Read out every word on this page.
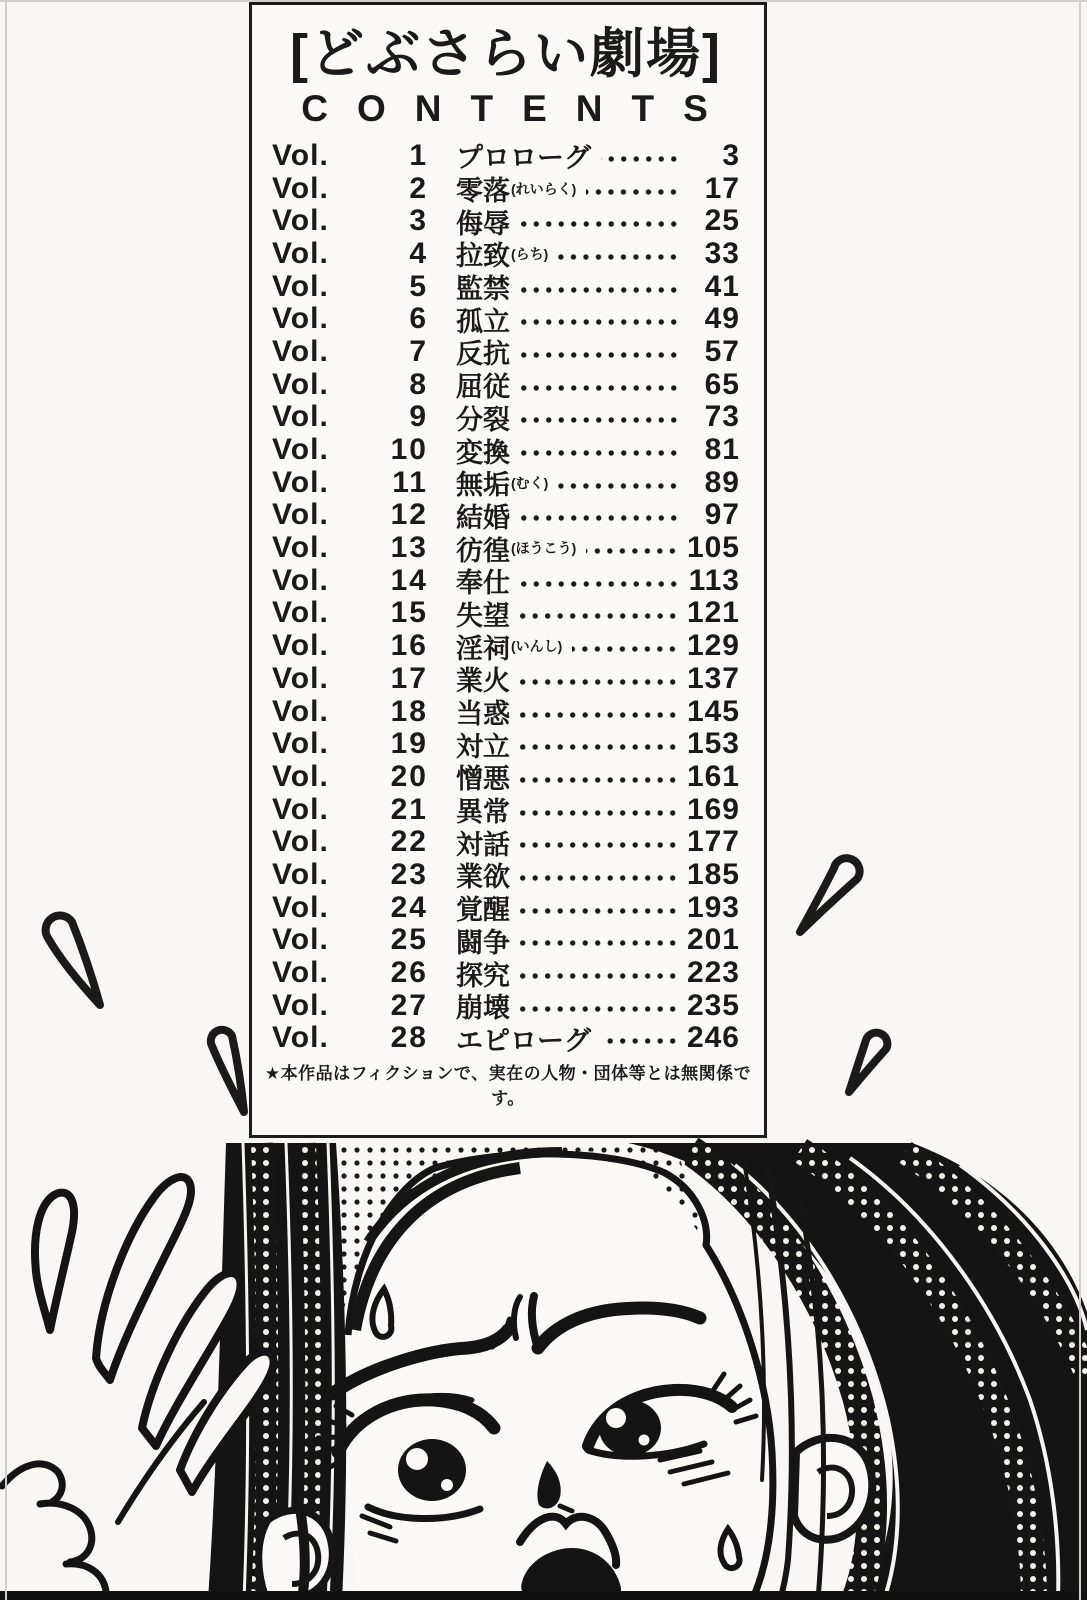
[どぶさらい劇場]
CONTENTS
Vol.	1	プロローグ	3
Vol.	2	零落 (れいらく)	17
Vol.	3	侮辱	25
Vol.	4	拉致 (らち)	33
Vol.	5	監禁	41
Vol.	6	孤立	49
Vol.	7	反抗	57
Vol.	8	屈従	65
Vol.	9	分裂	73
Vol.	10	変換	81
Vol.	11	無垢 (むく)	89
Vol.	12	結婚	97
Vol.	13	彷徨 (ほうこう)	105
Vol.	14	奉仕	113
Vol.	15	失望	121
Vol.	16	淫祠 (いんし)	129
Vol.	17	業火	137
Vol.	18	当惑	145
Vol.	19	対立	153
Vol.	20	憎悪	161
Vol.	21	異常	169
Vol.	22	対話	177
Vol.	23	業欲	185
Vol.	24	覚醒	193
Vol.	25	闘争	201
Vol.	26	探究	223
Vol.	27	崩壊	235
Vol.	28	エピローグ	246
★本作品はフィクションで、実在の人物・団体等とは無関係です。
